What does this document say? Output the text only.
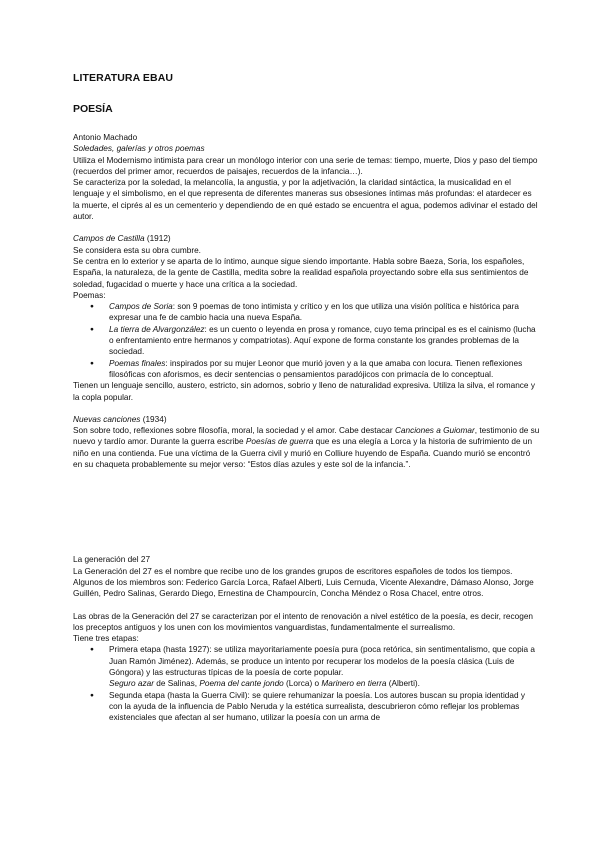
LITERATURA EBAU
POESÍA

Antonio Machado

Soledades, galerías y otros poemas

Utiliza el Modernismo intimista para crear un monólogo interior con una serie de temas: tiempo, muerte, Dios y paso del tiempo (recuerdos del primer amor, recuerdos de paisajes, recuerdos de la infancia…).

Se caracteriza por la soledad, la melancolía, la angustia, y por la adjetivación, la claridad sintáctica, la musicalidad en el lenguaje y el simbolismo, en el que representa de diferentes maneras sus obsesiones íntimas más profundas: el atardecer es la muerte, el ciprés al es un cementerio y dependiendo de en qué estado se encuentra el agua, podemos adivinar el estado del autor.

Campos de Castilla (1912)

Se considera esta su obra cumbre.

Se centra en lo exterior y se aparta de lo íntimo, aunque sigue siendo importante. Habla sobre Baeza, Soria, los españoles, España, la naturaleza, de la gente de Castilla, medita sobre la realidad española proyectando sobre ella sus sentimientos de soledad, fugacidad o muerte y hace una crítica a la sociedad.

Poemas:

● Campos de Soria: son 9 poemas de tono intimista y crítico y en los que utiliza una visión política e histórica para expresar una fe de cambio hacia una nueva España.
● La tierra de Alvargonzález: es un cuento o leyenda en prosa y romance, cuyo tema principal es es el cainismo (lucha o enfrentamiento entre hermanos y compatriotas). Aquí expone de forma constante los grandes problemas de la sociedad.
● Poemas finales: inspirados por su mujer Leonor que murió joven y a la que amaba con locura. Tienen reflexiones filosóficas con aforismos, es decir sentencias o pensamientos paradójicos con primacía de lo conceptual.

Tienen un lenguaje sencillo, austero, estricto, sin adornos, sobrio y lleno de naturalidad expresiva. Utiliza la silva, el romance y la copla popular.

Nuevas canciones (1934)

Son sobre todo, reflexiones sobre filosofía, moral, la sociedad y el amor. Cabe destacar Canciones a Guiomar, testimonio de su nuevo y tardío amor. Durante la guerra escribe Poesías de guerra que es una elegía a Lorca y la historia de sufrimiento de un niño en una contienda. Fue una víctima de la Guerra civil y murió en Colliure huyendo de España. Cuando murió se encontró en su chaqueta probablemente su mejor verso: “Estos días azules y este sol de la infancia.”.

La generación del 27

La Generación del 27 es el nombre que recibe uno de los grandes grupos de escritores españoles de todos los tiempos. Algunos de los miembros son: Federico García Lorca, Rafael Alberti, Luis Cernuda, Vicente Alexandre, Dámaso Alonso, Jorge Guillén, Pedro Salinas, Gerardo Diego, Ernestina de Champourcín, Concha Méndez o Rosa Chacel, entre otros.

Las obras de la Generación del 27 se caracterizan por el intento de renovación a nivel estético de la poesía, es decir, recogen los preceptos antiguos y los unen con los movimientos vanguardistas, fundamentalmente el surrealismo.

Tiene tres etapas:

● Primera etapa (hasta 1927): se utiliza mayoritariamente poesía pura (poca retórica, sin sentimentalismo, que copia a Juan Ramón Jiménez). Además, se produce un intento por recuperar los modelos de la poesía clásica (Luis de Góngora) y las estructuras típicas de la poesía de corte popular.
Seguro azar de Salinas, Poema del cante jondo (Lorca) o Marinero en tierra (Alberti).
● Segunda etapa (hasta la Guerra Civil): se quiere rehumanizar la poesía. Los autores buscan su propia identidad y con la ayuda de la influencia de Pablo Neruda y la estética surrealista, descubrieron cómo reflejar los problemas existenciales que afectan al ser humano, utilizar la poesía con un arma de
